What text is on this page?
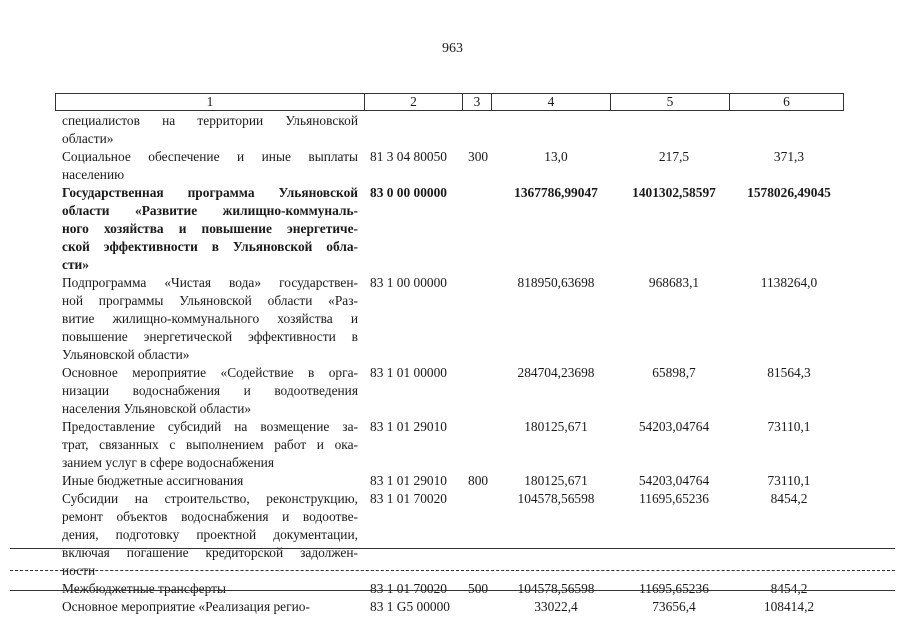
963
1	2	3	4	5	6
специалистов на территории Ульяновской
области»
Социальное обеспечение и иные выплаты
населению
81 3 04 80050	300	13,0	217,5	371,3
Государственная программа Ульяновской
области «Развитие жилищно-коммуналь-
ного хозяйства и повышение энергетиче-
ской эффективности в Ульяновской обла-
сти»
83 0 00 00000	1367786,99047	1401302,58597	1578026,49045
Подпрограмма «Чистая вода» государствен-
ной программы Ульяновской области «Раз-
витие жилищно-коммунального хозяйства и
повышение энергетической эффективности в
Ульяновской области»
83 1 00 00000	818950,63698	968683,1	1138264,0
Основное мероприятие «Содействие в орга-
низации водоснабжения и водоотведения
населения Ульяновской области»
83 1 01 00000	284704,23698	65898,7	81564,3
Предоставление субсидий на возмещение за-
трат, связанных с выполнением работ и ока-
занием услуг в сфере водоснабжения
83 1 01 29010	180125,671	54203,04764	73110,1
Иные бюджетные ассигнования	83 1 01 29010	800	180125,671	54203,04764	73110,1
Субсидии на строительство, реконструкцию,
ремонт объектов водоснабжения и водоотве-
дения, подготовку проектной документации,
включая погашение кредиторской задолжен-
ности
83 1 01 70020	104578,56598	11695,65236	8454,2
Межбюджетные трансферты	83 1 01 70020	500	104578,56598	11695,65236	8454,2
Основное мероприятие «Реализация регио-	83 1 G5 00000	33022,4	73656,4	108414,2
